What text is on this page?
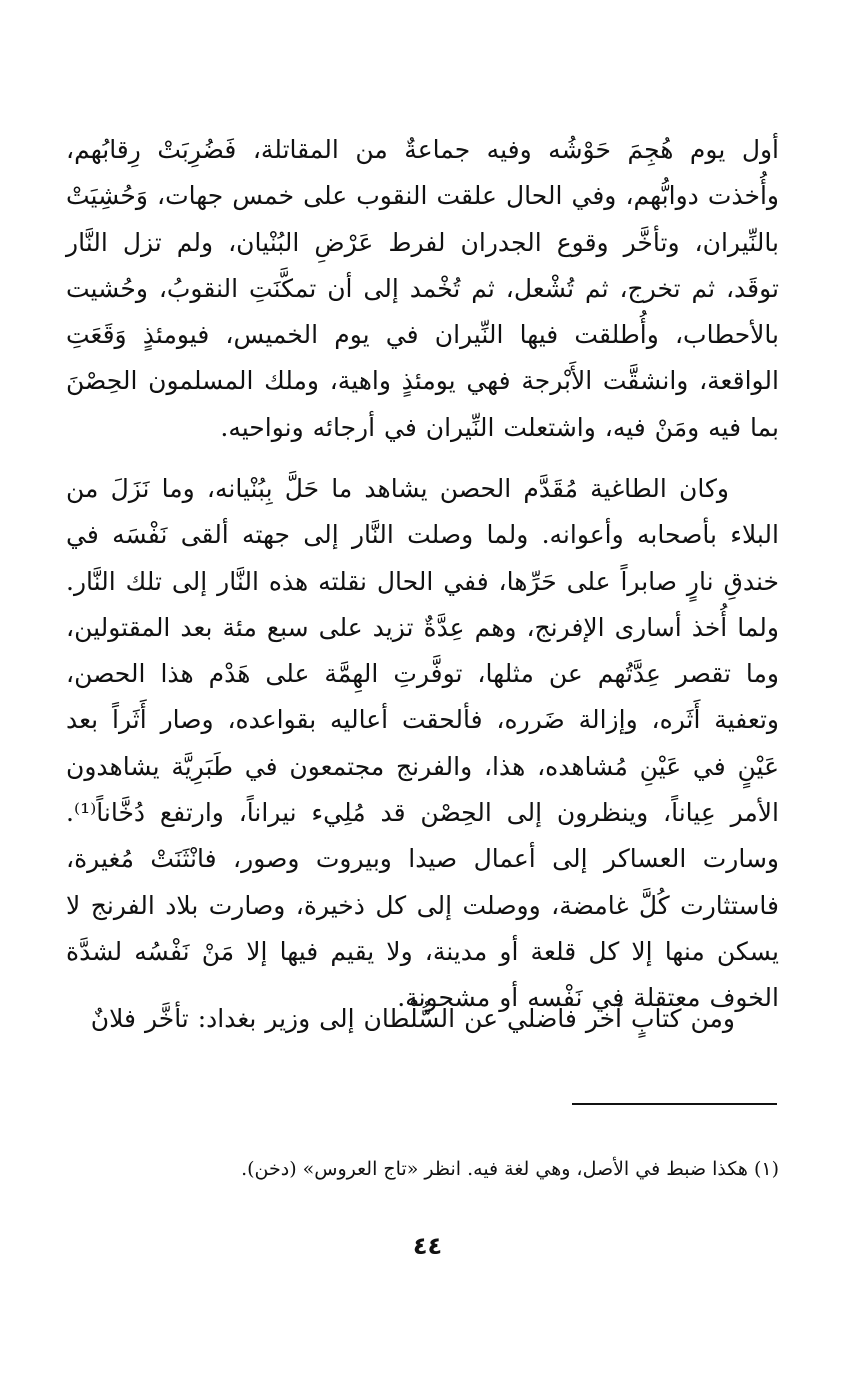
أول يوم هُجِمَ حَوْشُه وفيه جماعةٌ من المقاتلة، فَضُرِبَتْ رِقابُهم، وأُخذت دوابُّهم، وفي الحال علقت النقوب على خمس جهات، وَحُشِيَتْ بالنِّيران، وتأخَّر وقوع الجدران لفرط عَرْضِ البُنْيان، ولم تزل النَّار توقَد، ثم تخرج، ثم تُشْعل، ثم تُخْمد إلى أن تمكَّنَتِ النقوبُ، وحُشيت بالأحطاب، وأُطلقت فيها النِّيران في يوم الخميس، فيومئذٍ وَقَعَتِ الواقعة، وانشقَّت الأَبْرجة فهي يومئذٍ واهية، وملك المسلمون الحِصْنَ بما فيه ومَنْ فيه، واشتعلت النِّيران في أرجائه ونواحيه.

وكان الطاغية مُقَدَّم الحصن يشاهد ما حَلَّ بِبُنْيانه، وما نَزَلَ من البلاء بأصحابه وأعوانه. ولما وصلت النَّار إلى جهته ألقى نَفْسَه في خندقِ نارٍ صابراً على حَرِّها، ففي الحال نقلته هذه النَّار إلى تلك النَّار. ولما أُخذ أسارى الإفرنج، وهم عِدَّةٌ تزيد على سبع مئة بعد المقتولين، وما تقصر عِدَّتُهم عن مثلها، توفَّرتِ الهِمَّة على هَدْم هذا الحصن، وتعفية أَثَره، وإزالة ضَرره، فألحقت أعاليه بقواعده، وصار أَثَراً بعد عَيْنٍ في عَيْنِ مُشاهده، هذا، والفرنج مجتمعون في طَبَرِيَّة يشاهدون الأمر عِياناً، وينظرون إلى الحِصْن قد مُلِيء نيراناً، وارتفع دُخَّاناً⁽¹⁾. وسارت العساكر إلى أعمال صيدا وبيروت وصور، فانْثَنَتْ مُغيرة، فاستثارت كُلَّ غامضة، ووصلت إلى كل ذخيرة، وصارت بلاد الفرنج لا يسكن منها إلا كل قلعة أو مدينة، ولا يقيم فيها إلا مَنْ نَفْسُه لشدَّة الخوف معتقلة في نَفْسه أو مشحونة.

ومن كتابٍ آخر فاضلي عن السُّلْطان إلى وزير بغداد: تأخَّر فلانٌ

(١) هكذا ضبط في الأصل، وهي لغة فيه. انظر «تاج العروس» (دخن).

٤٤
